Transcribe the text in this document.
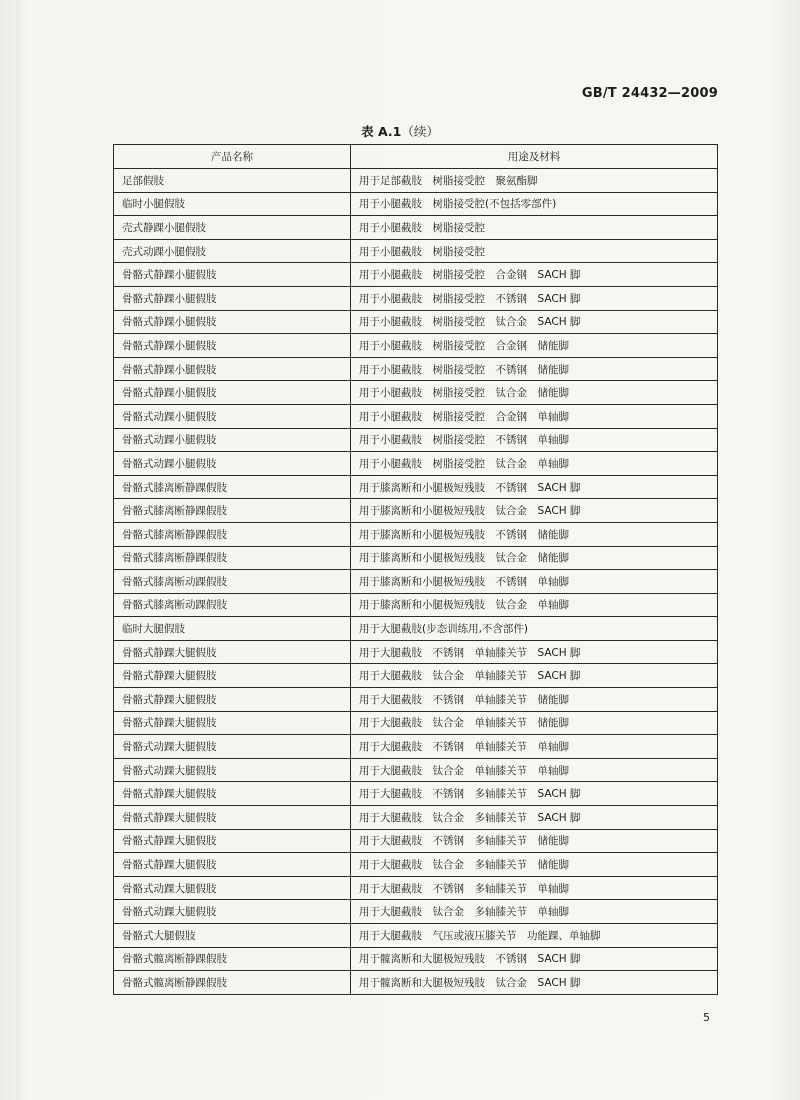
GB/T 24432—2009
表 A.1（续）
产品名称	用途及材料
足部假肢	用于足部截肢　树脂接受腔　聚氨酯脚
临时小腿假肢	用于小腿截肢　树脂接受腔(不包括零部件)
壳式静踝小腿假肢	用于小腿截肢　树脂接受腔
壳式动踝小腿假肢	用于小腿截肢　树脂接受腔
骨骼式静踝小腿假肢	用于小腿截肢　树脂接受腔　合金钢　SACH 脚
骨骼式静踝小腿假肢	用于小腿截肢　树脂接受腔　不锈钢　SACH 脚
骨骼式静踝小腿假肢	用于小腿截肢　树脂接受腔　钛合金　SACH 脚
骨骼式静踝小腿假肢	用于小腿截肢　树脂接受腔　合金钢　储能脚
骨骼式静踝小腿假肢	用于小腿截肢　树脂接受腔　不锈钢　储能脚
骨骼式静踝小腿假肢	用于小腿截肢　树脂接受腔　钛合金　储能脚
骨骼式动踝小腿假肢	用于小腿截肢　树脂接受腔　合金钢　单轴脚
骨骼式动踝小腿假肢	用于小腿截肢　树脂接受腔　不锈钢　单轴脚
骨骼式动踝小腿假肢	用于小腿截肢　树脂接受腔　钛合金　单轴脚
骨骼式膝离断静踝假肢	用于膝离断和小腿极短残肢　不锈钢　SACH 脚
骨骼式膝离断静踝假肢	用于膝离断和小腿极短残肢　钛合金　SACH 脚
骨骼式膝离断静踝假肢	用于膝离断和小腿极短残肢　不锈钢　储能脚
骨骼式膝离断静踝假肢	用于膝离断和小腿极短残肢　钛合金　储能脚
骨骼式膝离断动踝假肢	用于膝离断和小腿极短残肢　不锈钢　单轴脚
骨骼式膝离断动踝假肢	用于膝离断和小腿极短残肢　钛合金　单轴脚
临时大腿假肢	用于大腿截肢(步态训练用,不含部件)
骨骼式静踝大腿假肢	用于大腿截肢　不锈钢　单轴膝关节　SACH 脚
骨骼式静踝大腿假肢	用于大腿截肢　钛合金　单轴膝关节　SACH 脚
骨骼式静踝大腿假肢	用于大腿截肢　不锈钢　单轴膝关节　储能脚
骨骼式静踝大腿假肢	用于大腿截肢　钛合金　单轴膝关节　储能脚
骨骼式动踝大腿假肢	用于大腿截肢　不锈钢　单轴膝关节　单轴脚
骨骼式动踝大腿假肢	用于大腿截肢　钛合金　单轴膝关节　单轴脚
骨骼式静踝大腿假肢	用于大腿截肢　不锈钢　多轴膝关节　SACH 脚
骨骼式静踝大腿假肢	用于大腿截肢　钛合金　多轴膝关节　SACH 脚
骨骼式静踝大腿假肢	用于大腿截肢　不锈钢　多轴膝关节　储能脚
骨骼式静踝大腿假肢	用于大腿截肢　钛合金　多轴膝关节　储能脚
骨骼式动踝大腿假肢	用于大腿截肢　不锈钢　多轴膝关节　单轴脚
骨骼式动踝大腿假肢	用于大腿截肢　钛合金　多轴膝关节　单轴脚
骨骼式大腿假肢	用于大腿截肢　气压或液压膝关节　功能踝、单轴脚
骨骼式髋离断静踝假肢	用于髋离断和大腿极短残肢　不锈钢　SACH 脚
骨骼式髋离断静踝假肢	用于髋离断和大腿极短残肢　钛合金　SACH 脚
5
